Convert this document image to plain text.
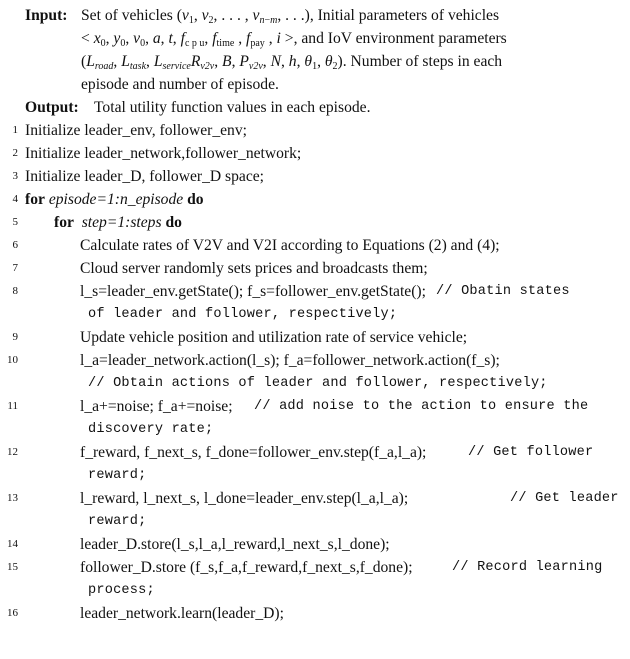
Input: Set of vehicles ($v_1$, $v_2$, . . . , $v_{n-m}$, . . .), Initial parameters of vehicles
< $x_0$, $y_0$, $v_0$, a, t, $f_{c p u}$, $f_{time}$ , $f_{pay}$ , i >, and IoV environment parameters
($L_{road}$, $L_{task}$, $L_{service}R_{v2v}$, B, $P_{v2v}$, N, h, $\theta_1$, $\theta_2$). Number of steps in each
episode and number of episode.
Output: Total utility function values in each episode.
1 Initialize leader_env, follower_env;
2 Initialize leader_network,follower_network;
3 Initialize leader_D, follower_D space;
4 for episode=1:n_episode do
5 for step=1:steps do
6	Calculate rates of V2V and V2I according to Equations (2) and (4);
7	Cloud server randomly sets prices and broadcasts them;
8	l_s=leader_env.getState(); f_s=follower_env.getState(); // Obatin states
of leader and follower, respectively;
9	Update vehicle position and utilization rate of service vehicle;
10	l_a=leader_network.action(l_s); f_a=follower_network.action(f_s);
// Obtain actions of leader and follower, respectively;
11	l_a+=noise; f_a+=noise; // add noise to the action to ensure the
discovery rate;
12	f_reward, f_next_s, f_done=follower_env.step(f_a,l_a);	// Get follower
reward;
13	l_reward, l_next_s, l_done=leader_env.step(l_a,l_a);	// Get leader
reward;
14	leader_D.store(l_s,l_a,l_reward,l_next_s,l_done);
15	follower_D.store (f_s,f_a,f_reward,f_next_s,f_done);	// Record learning
process;
16	leader_network.learn(leader_D);
